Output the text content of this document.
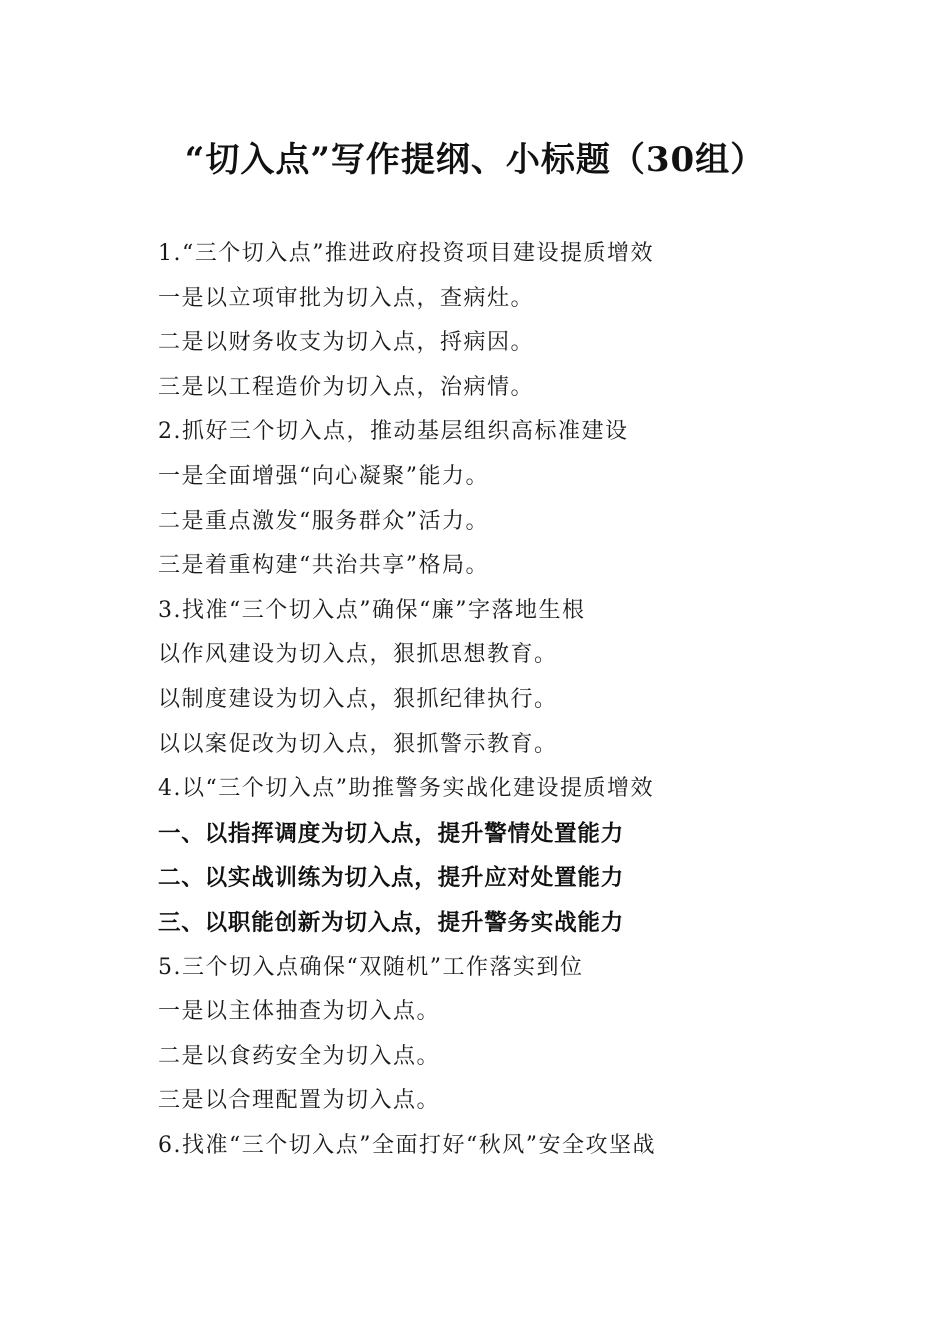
“切入点”写作提纲、小标题（30组）
1.“三个切入点”推进政府投资项目建设提质增效
一是以立项审批为切入点，查病灶。
二是以财务收支为切入点，捋病因。
三是以工程造价为切入点，治病情。
2.抓好三个切入点，推动基层组织高标准建设
一是全面增强“向心凝聚”能力。
二是重点激发“服务群众”活力。
三是着重构建“共治共享”格局。
3.找准“三个切入点”确保“廉”字落地生根
以作风建设为切入点，狠抓思想教育。
以制度建设为切入点，狠抓纪律执行。
以以案促改为切入点，狠抓警示教育。
4.以“三个切入点”助推警务实战化建设提质增效
一、以指挥调度为切入点，提升警情处置能力
二、以实战训练为切入点，提升应对处置能力
三、以职能创新为切入点，提升警务实战能力
5.三个切入点确保“双随机”工作落实到位
一是以主体抽查为切入点。
二是以食药安全为切入点。
三是以合理配置为切入点。
6.找准“三个切入点”全面打好“秋风”安全攻坚战
